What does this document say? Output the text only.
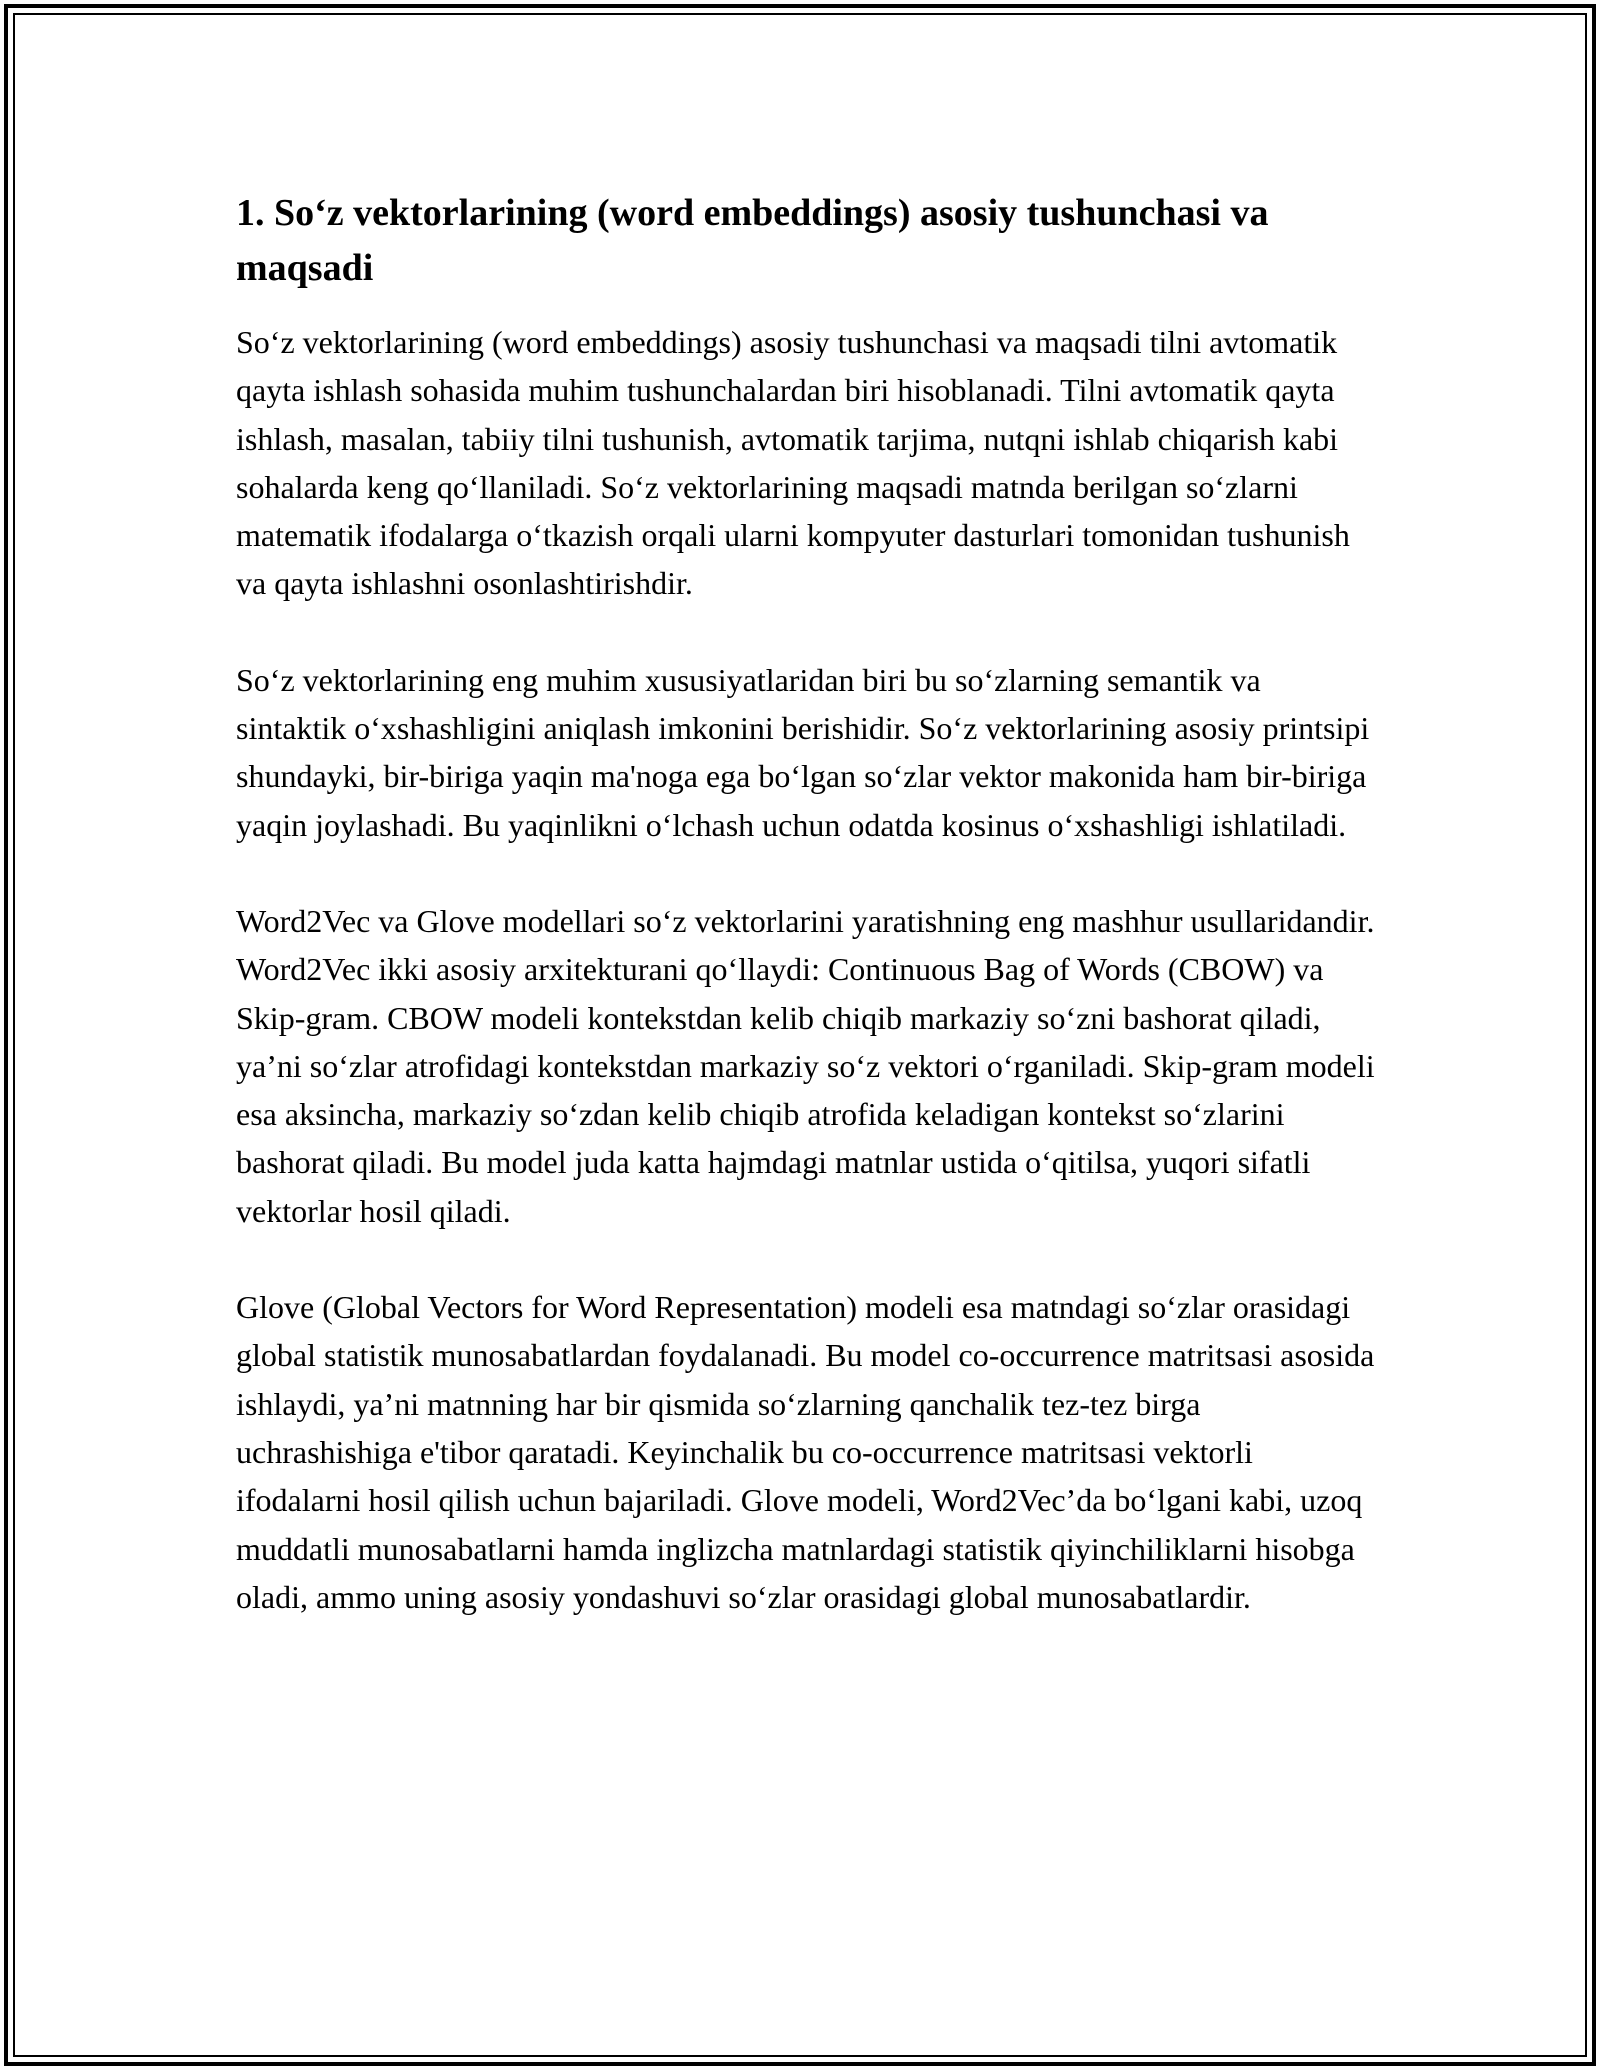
1. So‘z vektorlarining (word embeddings) asosiy tushunchasi va maqsadi

So‘z vektorlarining (word embeddings) asosiy tushunchasi va maqsadi tilni avtomatik qayta ishlash sohasida muhim tushunchalardan biri hisoblanadi. Tilni avtomatik qayta ishlash, masalan, tabiiy tilni tushunish, avtomatik tarjima, nutqni ishlab chiqarish kabi sohalarda keng qo‘llaniladi. So‘z vektorlarining maqsadi matnda berilgan so‘zlarni matematik ifodalarga o‘tkazish orqali ularni kompyuter dasturlari tomonidan tushunish va qayta ishlashni osonlashtirishdir.

So‘z vektorlarining eng muhim xususiyatlaridan biri bu so‘zlarning semantik va sintaktik o‘xshashligini aniqlash imkonini berishidir. So‘z vektorlarining asosiy printsipi shundayki, bir-biriga yaqin ma'noga ega bo‘lgan so‘zlar vektor makonida ham bir-biriga yaqin joylashadi. Bu yaqinlikni o‘lchash uchun odatda kosinus o‘xshashligi ishlatiladi.

Word2Vec va Glove modellari so‘z vektorlarini yaratishning eng mashhur usullaridandir. Word2Vec ikki asosiy arxitekturani qo‘llaydi: Continuous Bag of Words (CBOW) va Skip-gram. CBOW modeli kontekstdan kelib chiqib markaziy so‘zni bashorat qiladi, ya’ni so‘zlar atrofidagi kontekstdan markaziy so‘z vektori o‘rganiladi. Skip-gram modeli esa aksincha, markaziy so‘zdan kelib chiqib atrofida keladigan kontekst so‘zlarini bashorat qiladi. Bu model juda katta hajmdagi matnlar ustida o‘qitilsa, yuqori sifatli vektorlar hosil qiladi.

Glove (Global Vectors for Word Representation) modeli esa matndagi so‘zlar orasidagi global statistik munosabatlardan foydalanadi. Bu model co-occurrence matritsasi asosida ishlaydi, ya’ni matnning har bir qismida so‘zlarning qanchalik tez-tez birga uchrashishiga e'tibor qaratadi. Keyinchalik bu co-occurrence matritsasi vektorli ifodalarni hosil qilish uchun bajariladi. Glove modeli, Word2Vec’da bo‘lgani kabi, uzoq muddatli munosabatlarni hamda inglizcha matnlardagi statistik qiyinchiliklarni hisobga oladi, ammo uning asosiy yondashuvi so‘zlar orasidagi global munosabatlardir.
